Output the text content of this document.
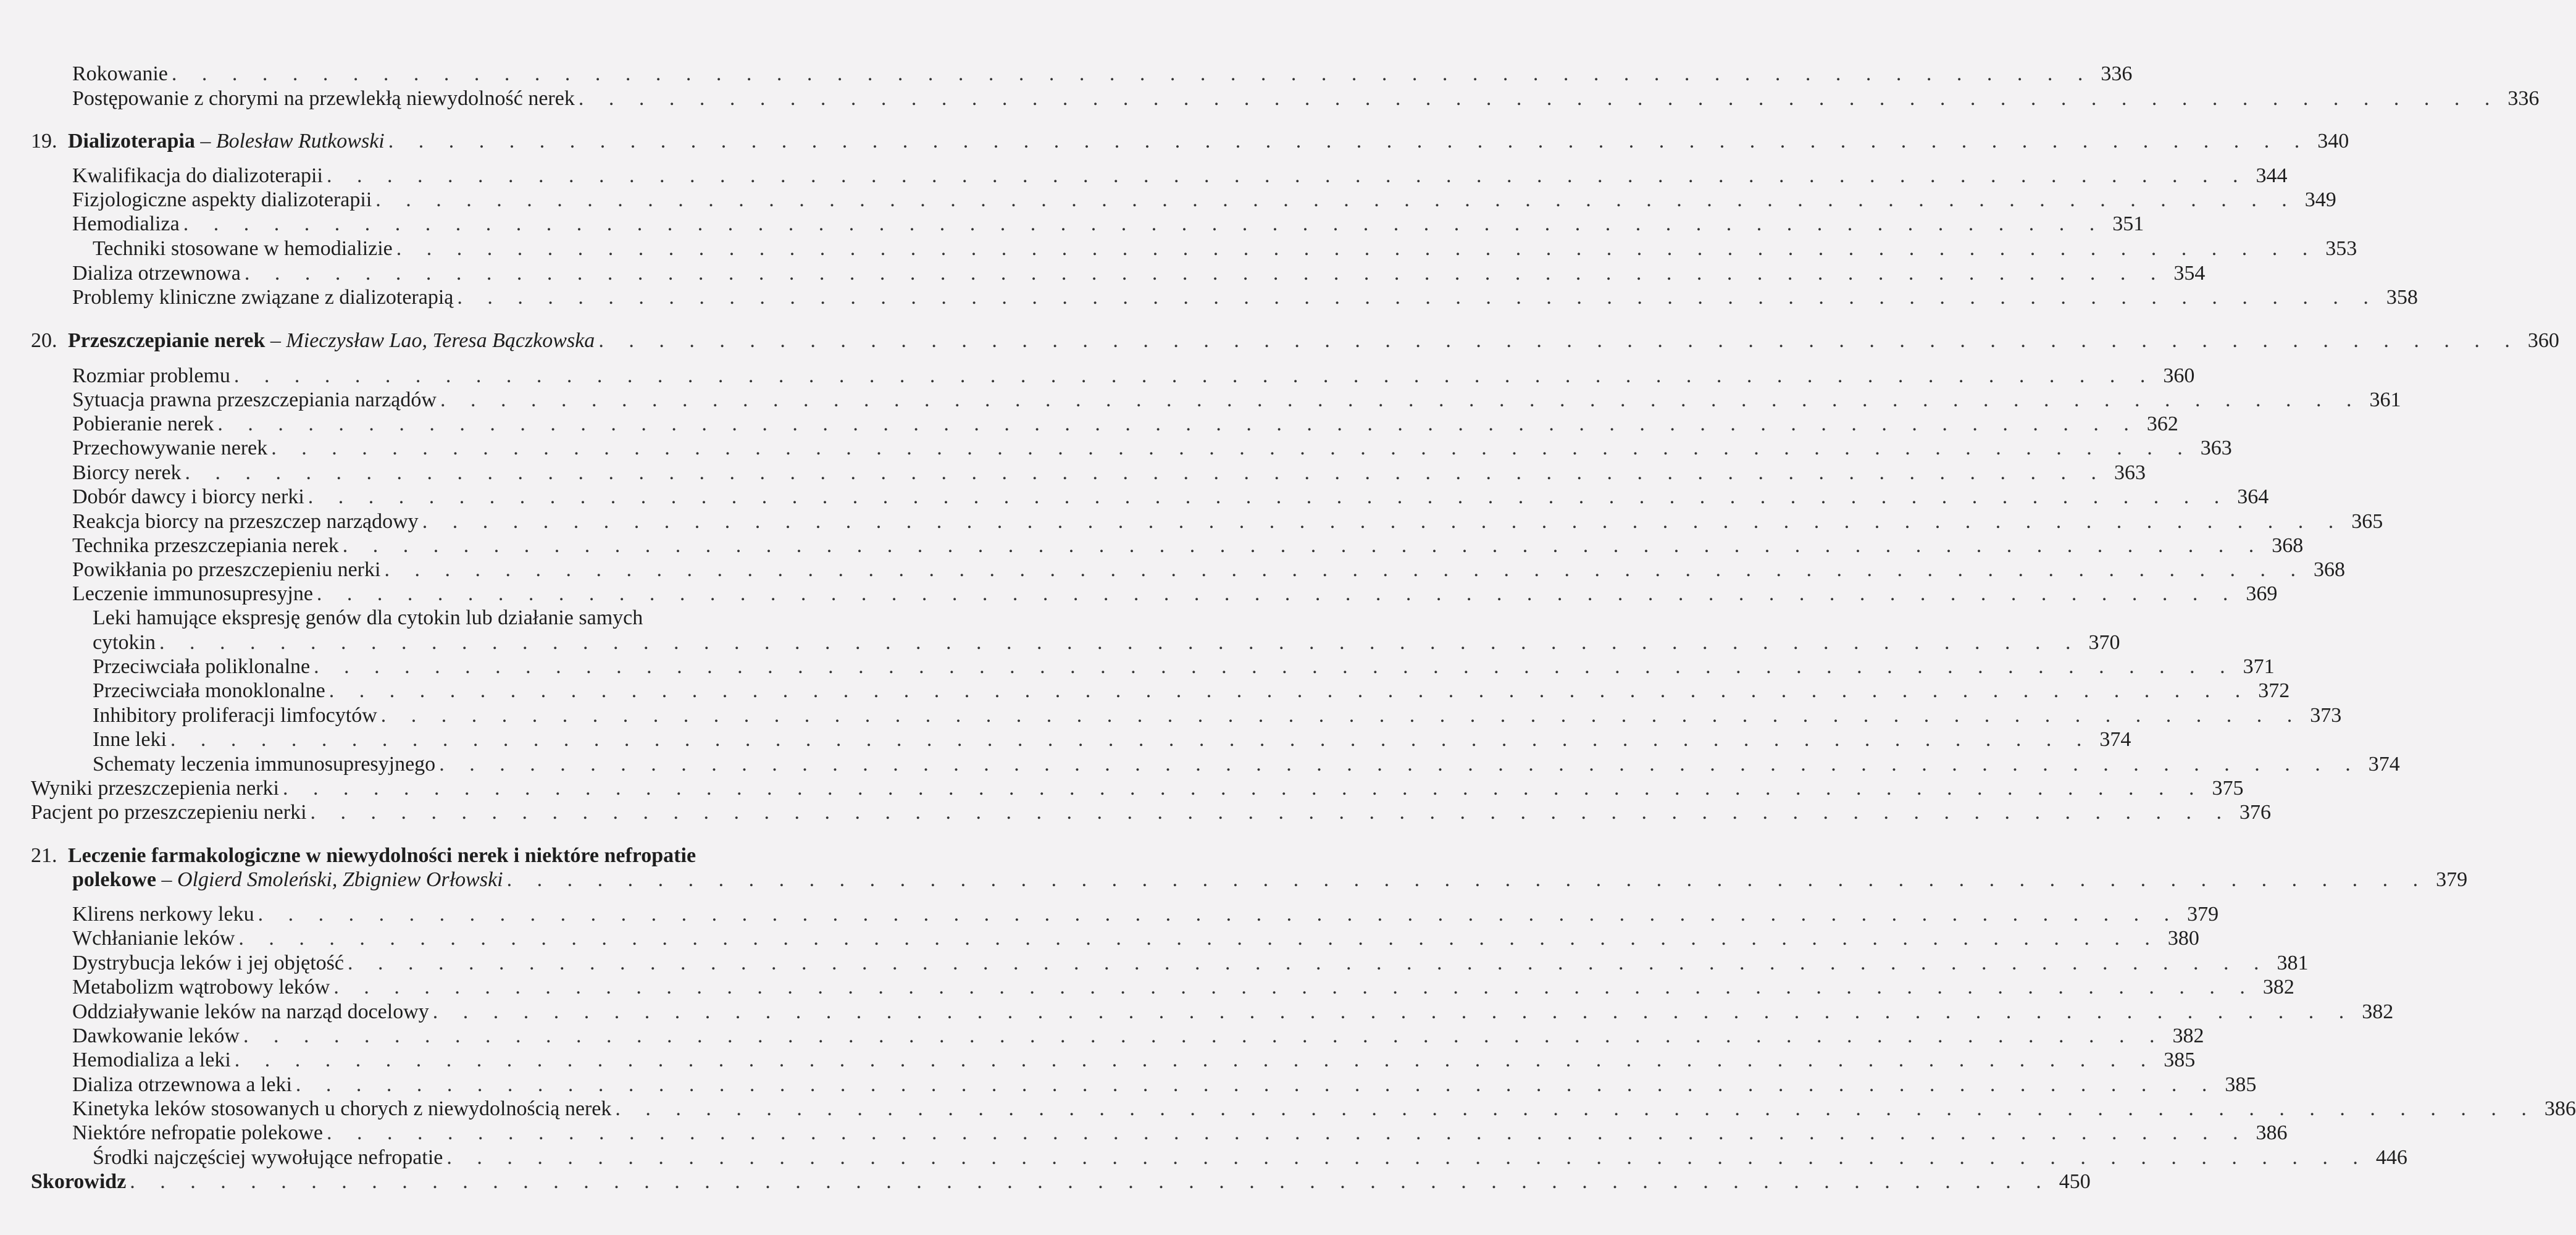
Rokowanie . . . . . . . . . . . . . . . . . . . . . . . . . . . . . . . . . . . . . . . . . . . . . . . . . . . . . . . . . . . . . . . . 336
Postępowanie z chorymi na przewlekłą niewydolność nerek . . . . . . . . . . . . . . . . . . . . . . . . . . . . . . . . . . . . . . . . . . . . . . . . . . . . . . . . . . . . . . . . 336
19. Dializoterapia – Bolesław Rutkowski . . . . . . . . . . . . . . . . . . . . . . . . . . . . . . . . . . . . . . . . . . . . . . . . . . . . . . . . . . . . . . . . 340
Kwalifikacja do dializoterapii . . . . . . . . . . . . . . . . . . . . . . . . . . . . . . . . . . . . . . . . . . . . . . . . . . . . . . . . . . . . . . . . 344
Fizjologiczne aspekty dializoterapii . . . . . . . . . . . . . . . . . . . . . . . . . . . . . . . . . . . . . . . . . . . . . . . . . . . . . . . . . . . . . . . . 349
Hemodializa . . . . . . . . . . . . . . . . . . . . . . . . . . . . . . . . . . . . . . . . . . . . . . . . . . . . . . . . . . . . . . . . 351
Techniki stosowane w hemodializie . . . . . . . . . . . . . . . . . . . . . . . . . . . . . . . . . . . . . . . . . . . . . . . . . . . . . . . . . . . . . . . . 353
Dializa otrzewnowa . . . . . . . . . . . . . . . . . . . . . . . . . . . . . . . . . . . . . . . . . . . . . . . . . . . . . . . . . . . . . . . . 354
Problemy kliniczne związane z dializoterapią . . . . . . . . . . . . . . . . . . . . . . . . . . . . . . . . . . . . . . . . . . . . . . . . . . . . . . . . . . . . . . . . 358
20. Przeszczepianie nerek – Mieczysław Lao, Teresa Bączkowska . . . . . . . . . . . . . . . . . . . . . . . . . . . . . . . . . . . . . . . . . . . . . . . . . . . . . . . . . . . . . . . . 360
Rozmiar problemu . . . . . . . . . . . . . . . . . . . . . . . . . . . . . . . . . . . . . . . . . . . . . . . . . . . . . . . . . . . . . . . . 360
Sytuacja prawna przeszczepiania narządów . . . . . . . . . . . . . . . . . . . . . . . . . . . . . . . . . . . . . . . . . . . . . . . . . . . . . . . . . . . . . . . . 361
Pobieranie nerek . . . . . . . . . . . . . . . . . . . . . . . . . . . . . . . . . . . . . . . . . . . . . . . . . . . . . . . . . . . . . . . . 362
Przechowywanie nerek . . . . . . . . . . . . . . . . . . . . . . . . . . . . . . . . . . . . . . . . . . . . . . . . . . . . . . . . . . . . . . . . 363
Biorcy nerek . . . . . . . . . . . . . . . . . . . . . . . . . . . . . . . . . . . . . . . . . . . . . . . . . . . . . . . . . . . . . . . . 363
Dobór dawcy i biorcy nerki . . . . . . . . . . . . . . . . . . . . . . . . . . . . . . . . . . . . . . . . . . . . . . . . . . . . . . . . . . . . . . . . 364
Reakcja biorcy na przeszczep narządowy . . . . . . . . . . . . . . . . . . . . . . . . . . . . . . . . . . . . . . . . . . . . . . . . . . . . . . . . . . . . . . . . 365
Technika przeszczepiania nerek . . . . . . . . . . . . . . . . . . . . . . . . . . . . . . . . . . . . . . . . . . . . . . . . . . . . . . . . . . . . . . . . 368
Powikłania po przeszczepieniu nerki . . . . . . . . . . . . . . . . . . . . . . . . . . . . . . . . . . . . . . . . . . . . . . . . . . . . . . . . . . . . . . . . 368
Leczenie immunosupresyjne . . . . . . . . . . . . . . . . . . . . . . . . . . . . . . . . . . . . . . . . . . . . . . . . . . . . . . . . . . . . . . . . 369
Leki hamujące ekspresję genów dla cytokin lub działanie samych
cytokin . . . . . . . . . . . . . . . . . . . . . . . . . . . . . . . . . . . . . . . . . . . . . . . . . . . . . . . . . . . . . . . . 370
Przeciwciała poliklonalne . . . . . . . . . . . . . . . . . . . . . . . . . . . . . . . . . . . . . . . . . . . . . . . . . . . . . . . . . . . . . . . . 371
Przeciwciała monoklonalne . . . . . . . . . . . . . . . . . . . . . . . . . . . . . . . . . . . . . . . . . . . . . . . . . . . . . . . . . . . . . . . . 372
Inhibitory proliferacji limfocytów . . . . . . . . . . . . . . . . . . . . . . . . . . . . . . . . . . . . . . . . . . . . . . . . . . . . . . . . . . . . . . . . 373
Inne leki . . . . . . . . . . . . . . . . . . . . . . . . . . . . . . . . . . . . . . . . . . . . . . . . . . . . . . . . . . . . . . . . 374
Schematy leczenia immunosupresyjnego . . . . . . . . . . . . . . . . . . . . . . . . . . . . . . . . . . . . . . . . . . . . . . . . . . . . . . . . . . . . . . . . 374
Wyniki przeszczepienia nerki . . . . . . . . . . . . . . . . . . . . . . . . . . . . . . . . . . . . . . . . . . . . . . . . . . . . . . . . . . . . . . . . 375
Pacjent po przeszczepieniu nerki . . . . . . . . . . . . . . . . . . . . . . . . . . . . . . . . . . . . . . . . . . . . . . . . . . . . . . . . . . . . . . . . 376
21. Leczenie farmakologiczne w niewydolności nerek i niektóre nefropatie
polekowe – Olgierd Smoleński, Zbigniew Orłowski . . . . . . . . . . . . . . . . . . . . . . . . . . . . . . . . . . . . . . . . . . . . . . . . . . . . . . . . . . . . . . . . 379
Klirens nerkowy leku . . . . . . . . . . . . . . . . . . . . . . . . . . . . . . . . . . . . . . . . . . . . . . . . . . . . . . . . . . . . . . . . 379
Wchłanianie leków . . . . . . . . . . . . . . . . . . . . . . . . . . . . . . . . . . . . . . . . . . . . . . . . . . . . . . . . . . . . . . . . 380
Dystrybucja leków i jej objętość . . . . . . . . . . . . . . . . . . . . . . . . . . . . . . . . . . . . . . . . . . . . . . . . . . . . . . . . . . . . . . . . 381
Metabolizm wątrobowy leków . . . . . . . . . . . . . . . . . . . . . . . . . . . . . . . . . . . . . . . . . . . . . . . . . . . . . . . . . . . . . . . . 382
Oddziaływanie leków na narząd docelowy . . . . . . . . . . . . . . . . . . . . . . . . . . . . . . . . . . . . . . . . . . . . . . . . . . . . . . . . . . . . . . . . 382
Dawkowanie leków . . . . . . . . . . . . . . . . . . . . . . . . . . . . . . . . . . . . . . . . . . . . . . . . . . . . . . . . . . . . . . . . 382
Hemodializa a leki . . . . . . . . . . . . . . . . . . . . . . . . . . . . . . . . . . . . . . . . . . . . . . . . . . . . . . . . . . . . . . . . 385
Dializa otrzewnowa a leki . . . . . . . . . . . . . . . . . . . . . . . . . . . . . . . . . . . . . . . . . . . . . . . . . . . . . . . . . . . . . . . . 385
Kinetyka leków stosowanych u chorych z niewydolnością nerek . . . . . . . . . . . . . . . . . . . . . . . . . . . . . . . . . . . . . . . . . . . . . . . . . . . . . . . . . . . . . . . . 386
Niektóre nefropatie polekowe . . . . . . . . . . . . . . . . . . . . . . . . . . . . . . . . . . . . . . . . . . . . . . . . . . . . . . . . . . . . . . . . 386
Środki najczęściej wywołujące nefropatie . . . . . . . . . . . . . . . . . . . . . . . . . . . . . . . . . . . . . . . . . . . . . . . . . . . . . . . . . . . . . . . . 446
Skorowidz . . . . . . . . . . . . . . . . . . . . . . . . . . . . . . . . . . . . . . . . . . . . . . . . . . . . . . . . . . . . . . . . 450
